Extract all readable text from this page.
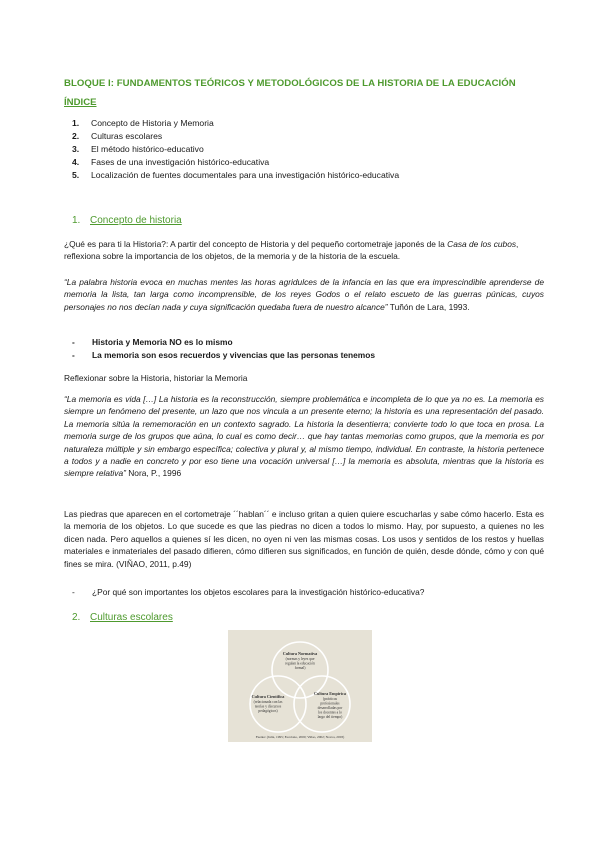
BLOQUE I: FUNDAMENTOS TEÓRICOS Y METODOLÓGICOS DE LA HISTORIA DE LA EDUCACIÓN
ÍNDICE
1. Concepto de Historia y Memoria
2. Culturas escolares
3. El método histórico-educativo
4. Fases de una investigación histórico-educativa
5. Localización de fuentes documentales para una investigación histórico-educativa
1. Concepto de historia

¿Qué es para ti la Historia?: A partir del concepto de Historia y del pequeño cortometraje japonés de la Casa de los cubos, reflexiona sobre la importancia de los objetos, de la memoria y de la historia de la escuela.

“La palabra historia evoca en muchas mentes las horas agridulces de la infancia en las que era imprescindible aprenderse de memoria la lista, tan larga como incomprensible, de los reyes Godos o el relato escueto de las guerras púnicas, cuyos personajes no nos decían nada y cuya significación quedaba fuera de nuestro alcance” Tuñón de Lara, 1993.

- Historia y Memoria NO es lo mismo
- La memoria son esos recuerdos y vivencias que las personas tenemos

Reflexionar sobre la Historia, historiar la Memoria

“La memoria es vida […] La historia es la reconstrucción, siempre problemática e incompleta de lo que ya no es. La memoria es siempre un fenómeno del presente, un lazo que nos vincula a un presente eterno; la historia es una representación del pasado. La memoria sitúa la rememoración en un contexto sagrado. La historia la desentierra; convierte todo lo que toca en prosa. La memoria surge de los grupos que aúna, lo cual es como decir… que hay tantas memorias como grupos, que la memoria es por naturaleza múltiple y sin embargo específica; colectiva y plural y, al mismo tiempo, individual. En contraste, la historia pertenece a todos y a nadie en concreto y por eso tiene una vocación universal […] la memoria es absoluta, mientras que la historia es siempre relativa” Nora, P., 1996

Las piedras que aparecen en el cortometraje ´´hablan´´ e incluso gritan a quien quiere escucharlas y sabe cómo hacerlo. Esta es la memoria de los objetos. Lo que sucede es que las piedras no dicen a todos lo mismo. Hay, por supuesto, a quienes no les dicen nada. Pero aquellos a quienes sí les dicen, no oyen ni ven las mismas cosas. Los usos y sentidos de los restos y huellas materiales e inmateriales del pasado difieren, cómo difieren sus significados, en función de quién, desde dónde, cómo y con qué fines se mira. (VIÑAO, 2011, p.49)

- ¿Por qué son importantes los objetos escolares para la investigación histórico-educativa?
2. Culturas escolares
Cultura Normativa
(normas y leyes que
regulan la educación
formal)
Cultura Científica
(relacionada con las
teorías y discursos
pedagógicos)
Cultura Empírica
(prácticas
profesionales
desarrolladas por
los docentes a lo
largo del tiempo)
Fuente: (Julia, 1995; Escolano, 2000; Viñao, 2002; Novoa, 2003)
